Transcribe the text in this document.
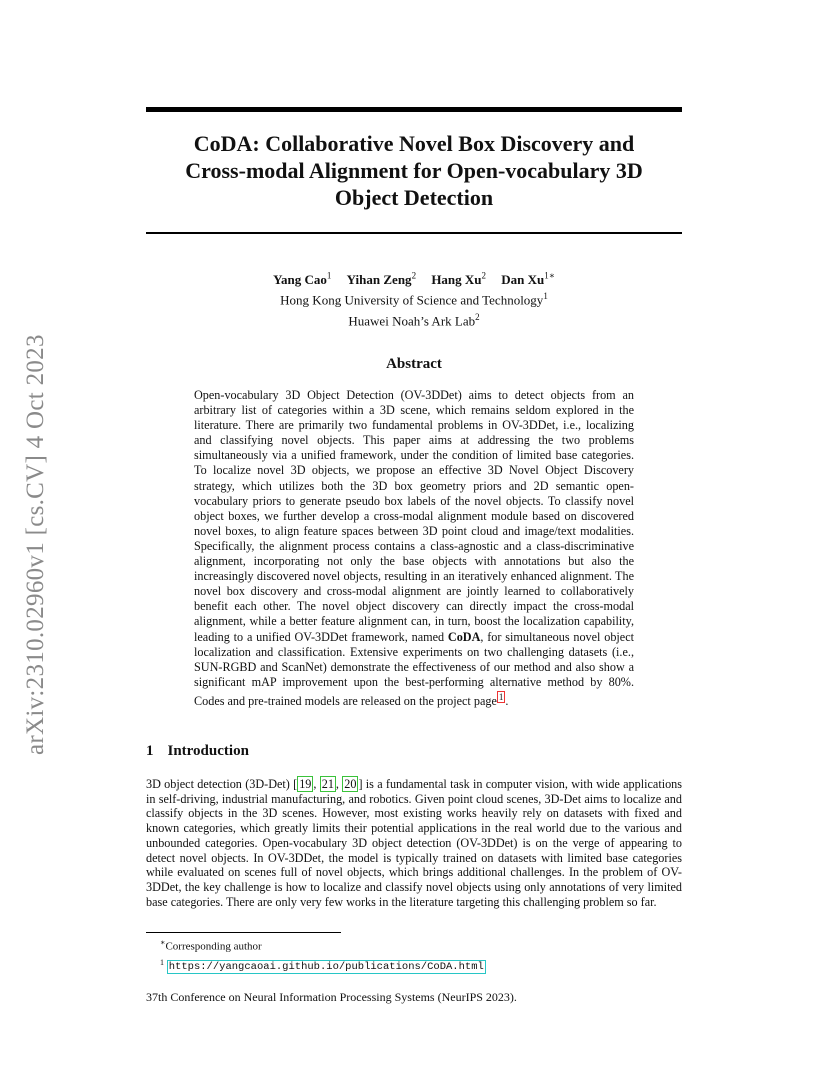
arXiv:2310.02960v1 [cs.CV] 4 Oct 2023
CoDA: Collaborative Novel Box Discovery and
Cross-modal Alignment for Open-vocabulary 3D
Object Detection
Yang Cao$^1$ Yihan Zeng$^2$ Hang Xu$^2$ Dan $Xu^{1∗}$
Hong Kong University of Science and Technology$^1$
Huawei Noah’s Ark Lab$^2$
Abstract

Open-vocabulary 3D Object Detection (OV-3DDet) aims to detect objects from an arbitrary list of categories within a 3D scene, which remains seldom explored in the literature. There are primarily two fundamental problems in OV-3DDet, i.e., localizing and classifying novel objects. This paper aims at addressing the two problems simultaneously via a unified framework, under the condition of limited base categories. To localize novel 3D objects, we propose an effective 3D Novel Object Discovery strategy, which utilizes both the 3D box geometry priors and 2D semantic open-vocabulary priors to generate pseudo box labels of the novel objects. To classify novel object boxes, we further develop a cross-modal alignment module based on discovered novel boxes, to align feature spaces between 3D point cloud and image/text modalities. Specifically, the alignment process contains a class-agnostic and a class-discriminative alignment, incorporating not only the base objects with annotations but also the increasingly discovered novel objects, resulting in an iteratively enhanced alignment. The novel box discovery and cross-modal alignment are jointly learned to collaboratively benefit each other. The novel object discovery can directly impact the cross-modal alignment, while a better feature alignment can, in turn, boost the localization capability, leading to a unified OV-3DDet framework, named CoDA, for simultaneous novel object localization and classification. Extensive experiments on two challenging datasets (i.e., SUN-RGBD and ScanNet) demonstrate the effectiveness of our method and also show a significant mAP improvement upon the best-performing alternative method by 80%. Codes and pre-trained models are released on the project page $^1$ .

1 Introduction

3D object detection (3D-Det) [ 19 , 21 , 20 ] is a fundamental task in computer vision, with wide applications in self-driving, industrial manufacturing, and robotics. Given point cloud scenes, 3D-Det aims to localize and classify objects in the 3D scenes. However, most existing works heavily rely on datasets with fixed and known categories, which greatly limits their potential applications in the real world due to the various and unbounded categories. Open-vocabulary 3D object detection (OV-3DDet) is on the verge of appearing to detect novel objects. In OV-3DDet, the model is typically trained on datasets with limited base categories while evaluated on scenes full of novel objects, which brings additional challenges. In the problem of OV-3DDet, the key challenge is how to localize and classify novel objects using only annotations of very limited base categories. There are only very few works in the literature targeting this challenging problem so far.

∗Corresponding author
$^1$ https://yangcaoai.github.io/publications/CoDA.html
37th Conference on Neural Information Processing Systems (NeurIPS 2023).
